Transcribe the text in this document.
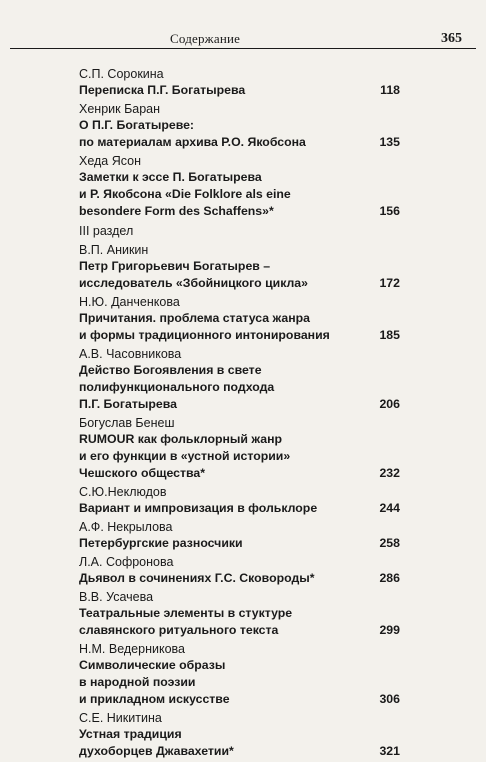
Содержание	365
С.П. Сорокина
Переписка П.Г. Богатырева	118
Хенрик Баран
О П.Г. Богатыреве:
по материалам архива Р.О. Якобсона	135
Хеда Ясон
Заметки к эссе П. Богатырева
и Р. Якобсона «Die Folklore als eine
besondere Form des Schaffens»*	156
III раздел
В.П. Аникин
Петр Григорьевич Богатырев –
исследователь «Збойницкого цикла»	172
Н.Ю. Данченкова
Причитания. проблема статуса жанра
и формы традиционного интонирования	185
А.В. Часовникова
Действо Богоявления в свете
полифункционального подхода
П.Г. Богатырева	206
Богуслав Бенеш
RUMOUR как фольклорный жанр
и его функции в «устной истории»
Чешского общества*	232
С.Ю.Неклюдов
Вариант и импровизация в фольклоре	244
А.Ф. Некрылова
Петербургские разносчики	258
Л.А. Софронова
Дьявол в сочинениях Г.С. Сковороды*	286
В.В. Усачева
Театральные элементы в стуктуре
славянского ритуального текста	299
Н.М. Ведерникова
Символические образы
в народной поэзии
и прикладном искусстве	306
С.Е. Никитина
Устная традиция
духоборцев Джавахетии*	321
